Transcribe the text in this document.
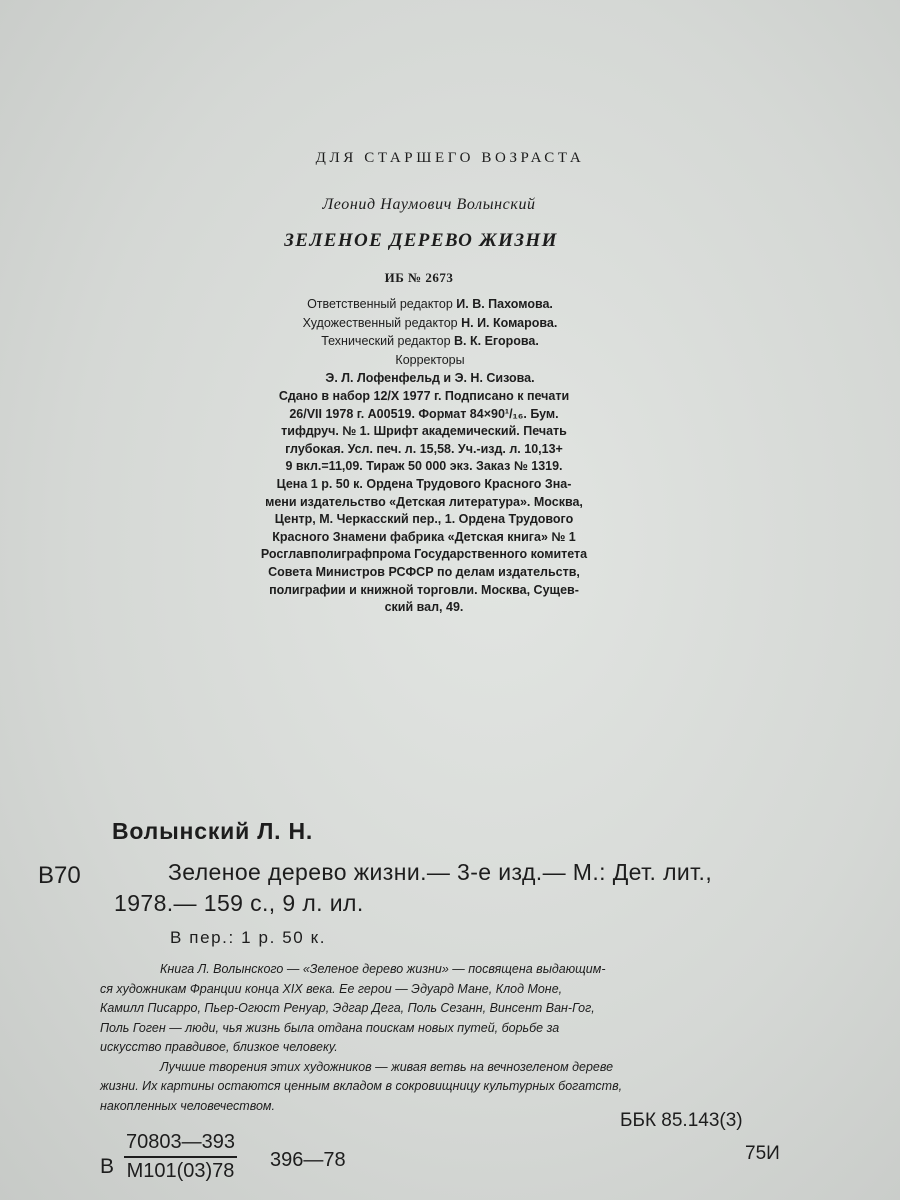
ДЛЯ СТАРШЕГО ВОЗРАСТА
Леонид Наумович Волынский
ЗЕЛЕНОЕ ДЕРЕВО ЖИЗНИ
ИБ № 2673
Ответственный редактор И. В. Пахомова.
Художественный редактор Н. И. Комарова.
Технический редактор В. К. Егорова.
Корректоры
Э. Л. Лофенфельд и Э. Н. Сизова.
Сдано в набор 12/X 1977 г. Подписано к печати
26/VII 1978 г. А00519. Формат 84×90¹/₁₆. Бум.
тифдруч. № 1. Шрифт академический. Печать
глубокая. Усл. печ. л. 15,58. Уч.-изд. л. 10,13+
9 вкл.=11,09. Тираж 50 000 экз. Заказ № 1319.
Цена 1 р. 50 к. Ордена Трудового Красного Зна-
мени издательство «Детская литература». Москва,
Центр, М. Черкасский пер., 1. Ордена Трудового
Красного Знамени фабрика «Детская книга» № 1
Росглавполиграфпрома Государственного комитета
Совета Министров РСФСР по делам издательств,
полиграфии и книжной торговли. Москва, Сущев-
ский вал, 49.
Волынский Л. Н.
В70	Зеленое дерево жизни.— 3-е изд.— М.: Дет. лит.,
1978.— 159 с., 9 л. ил.
В пер.: 1 р. 50 к.
Книга Л. Волынского — «Зеленое дерево жизни» — посвящена выдающим-
ся художникам Франции конца XIX века. Ее герои — Эдуард Мане, Клод Моне,
Камилл Писарро, Пьер-Огюст Ренуар, Эдгар Дега, Поль Сезанн, Винсент Ван-Гог,
Поль Гоген — люди, чья жизнь была отдана поискам новых путей, борьбе за
искусство правдивое, близкое человеку.
Лучшие творения этих художников — живая ветвь на вечнозеленом дереве
жизни. Их картины остаются ценным вкладом в сокровищницу культурных богатств,
накопленных человечеством.
ББК 85.143(3)
75И
В
70803—393
М101(03)78 396—78
